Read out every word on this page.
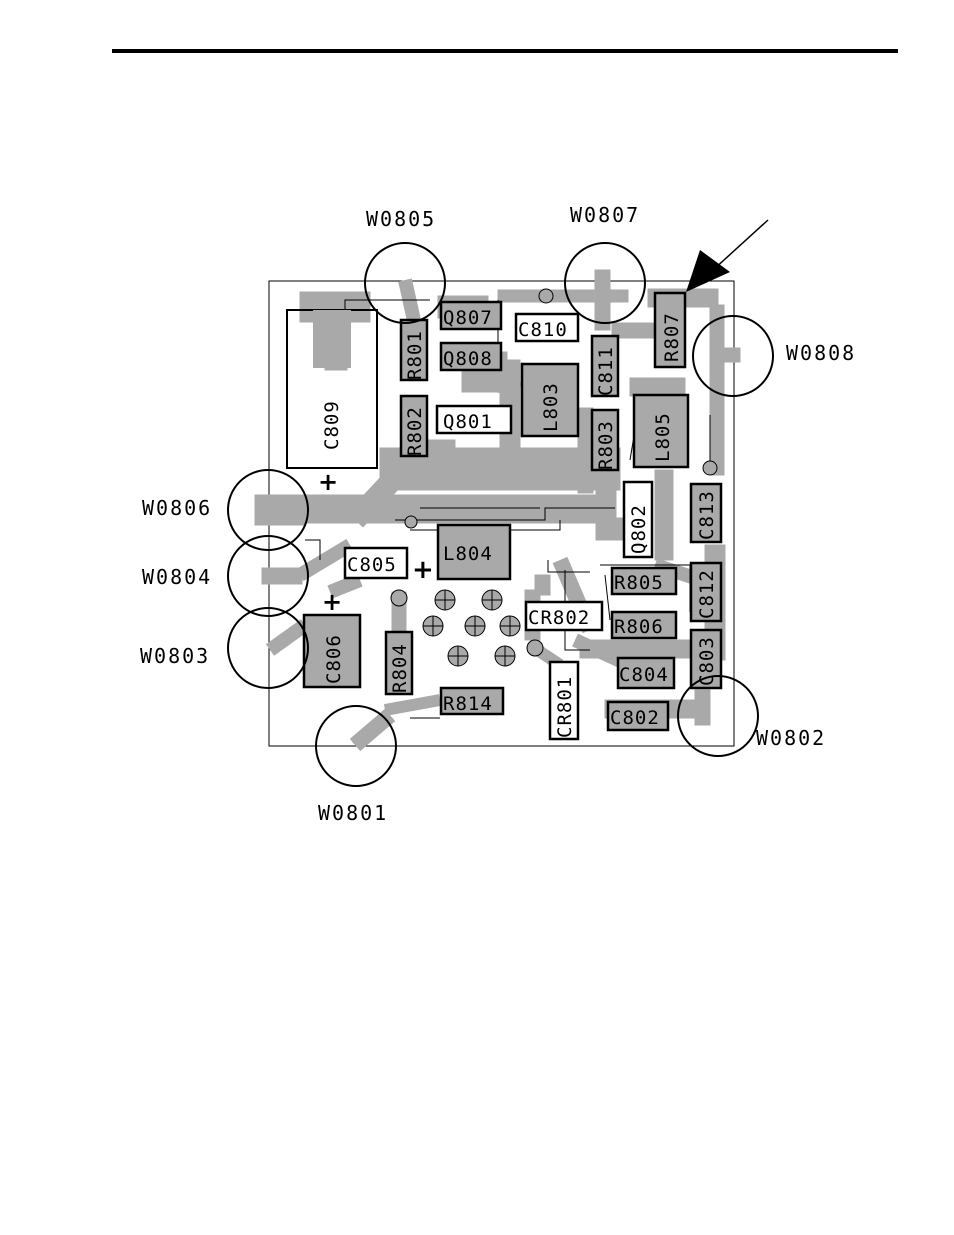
+
+
+
W0805	W0807
W0808
W0806
W0804
W0803
W0802
W0801
Q807
Q808
Q801
C810
C805 L804
R805
R806
CR802
C804
R814
C802
C809
R801
R802	L803
C811
R803
R807
L805
Q802 C813
C812
C803
C806 R804
CR801
